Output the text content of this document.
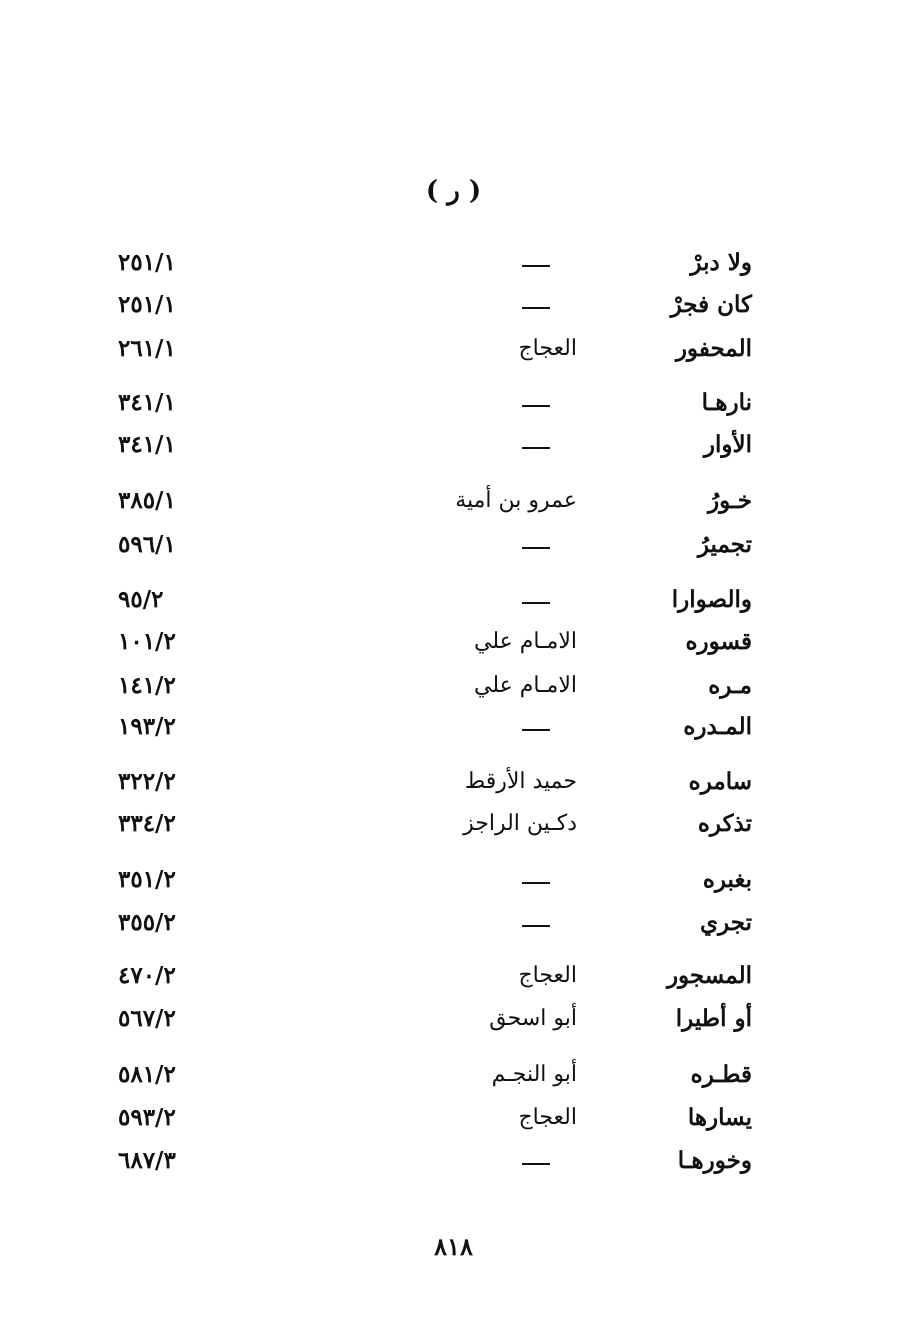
( ر )
ولا دبرْ
٢٥١/١
كان فجرْ
٢٥١/١
المحفور
العجاج
٢٦١/١
نارهـا
٣٤١/١
الأوار
٣٤١/١
خـورُ
عمرو بن أمية
٣٨٥/١
تجميرُ
٥٩٦/١
والصوارا
٩٥/٢
قسوره
الامـام علي
١٠١/٢
مـره
الامـام علي
١٤١/٢
المـدره
١٩٣/٢
سامره
حميد الأرقط
٣٢٢/٢
تذكره
دكـين الراجز
٣٣٤/٢
بغبره
٣٥١/٢
تجري
٣٥٥/٢
المسجور
العجاج
٤٧٠/٢
أو أطيرا
أبو اسحق
٥٦٧/٢
قطـره
أبو النجـم
٥٨١/٢
يسارها
العجاج
٥٩٣/٢
وخورهـا
٦٨٧/٣
٨١٨
